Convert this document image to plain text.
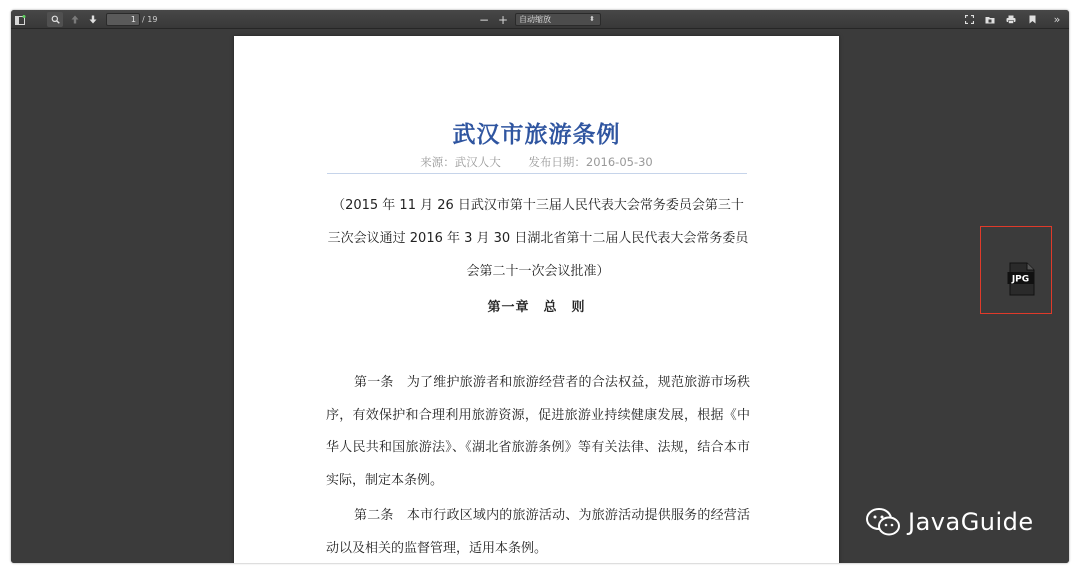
1 / 19	− +	自动缩放	⬍	»
武汉市旅游条例
来源：武汉人大 发布日期：2016-05-30
（2015 年 11 月 26 日武汉市第十三届人民代表大会常务委员会第三十三次会议通过 2016 年 3 月 30 日湖北省第十二届人民代表大会常务委员会第二十一次会议批准）
第一章　总　则
第一条　为了维护旅游者和旅游经营者的合法权益，规范旅游市场秩序，有效保护和合理利用旅游资源，促进旅游业持续健康发展，根据《中华人民共和国旅游法》、《湖北省旅游条例》等有关法律、法规，结合本市实际，制定本条例。
第二条　本市行政区域内的旅游活动、为旅游活动提供服务的经营活动以及相关的监督管理，适用本条例。
JPG
JavaGuide
